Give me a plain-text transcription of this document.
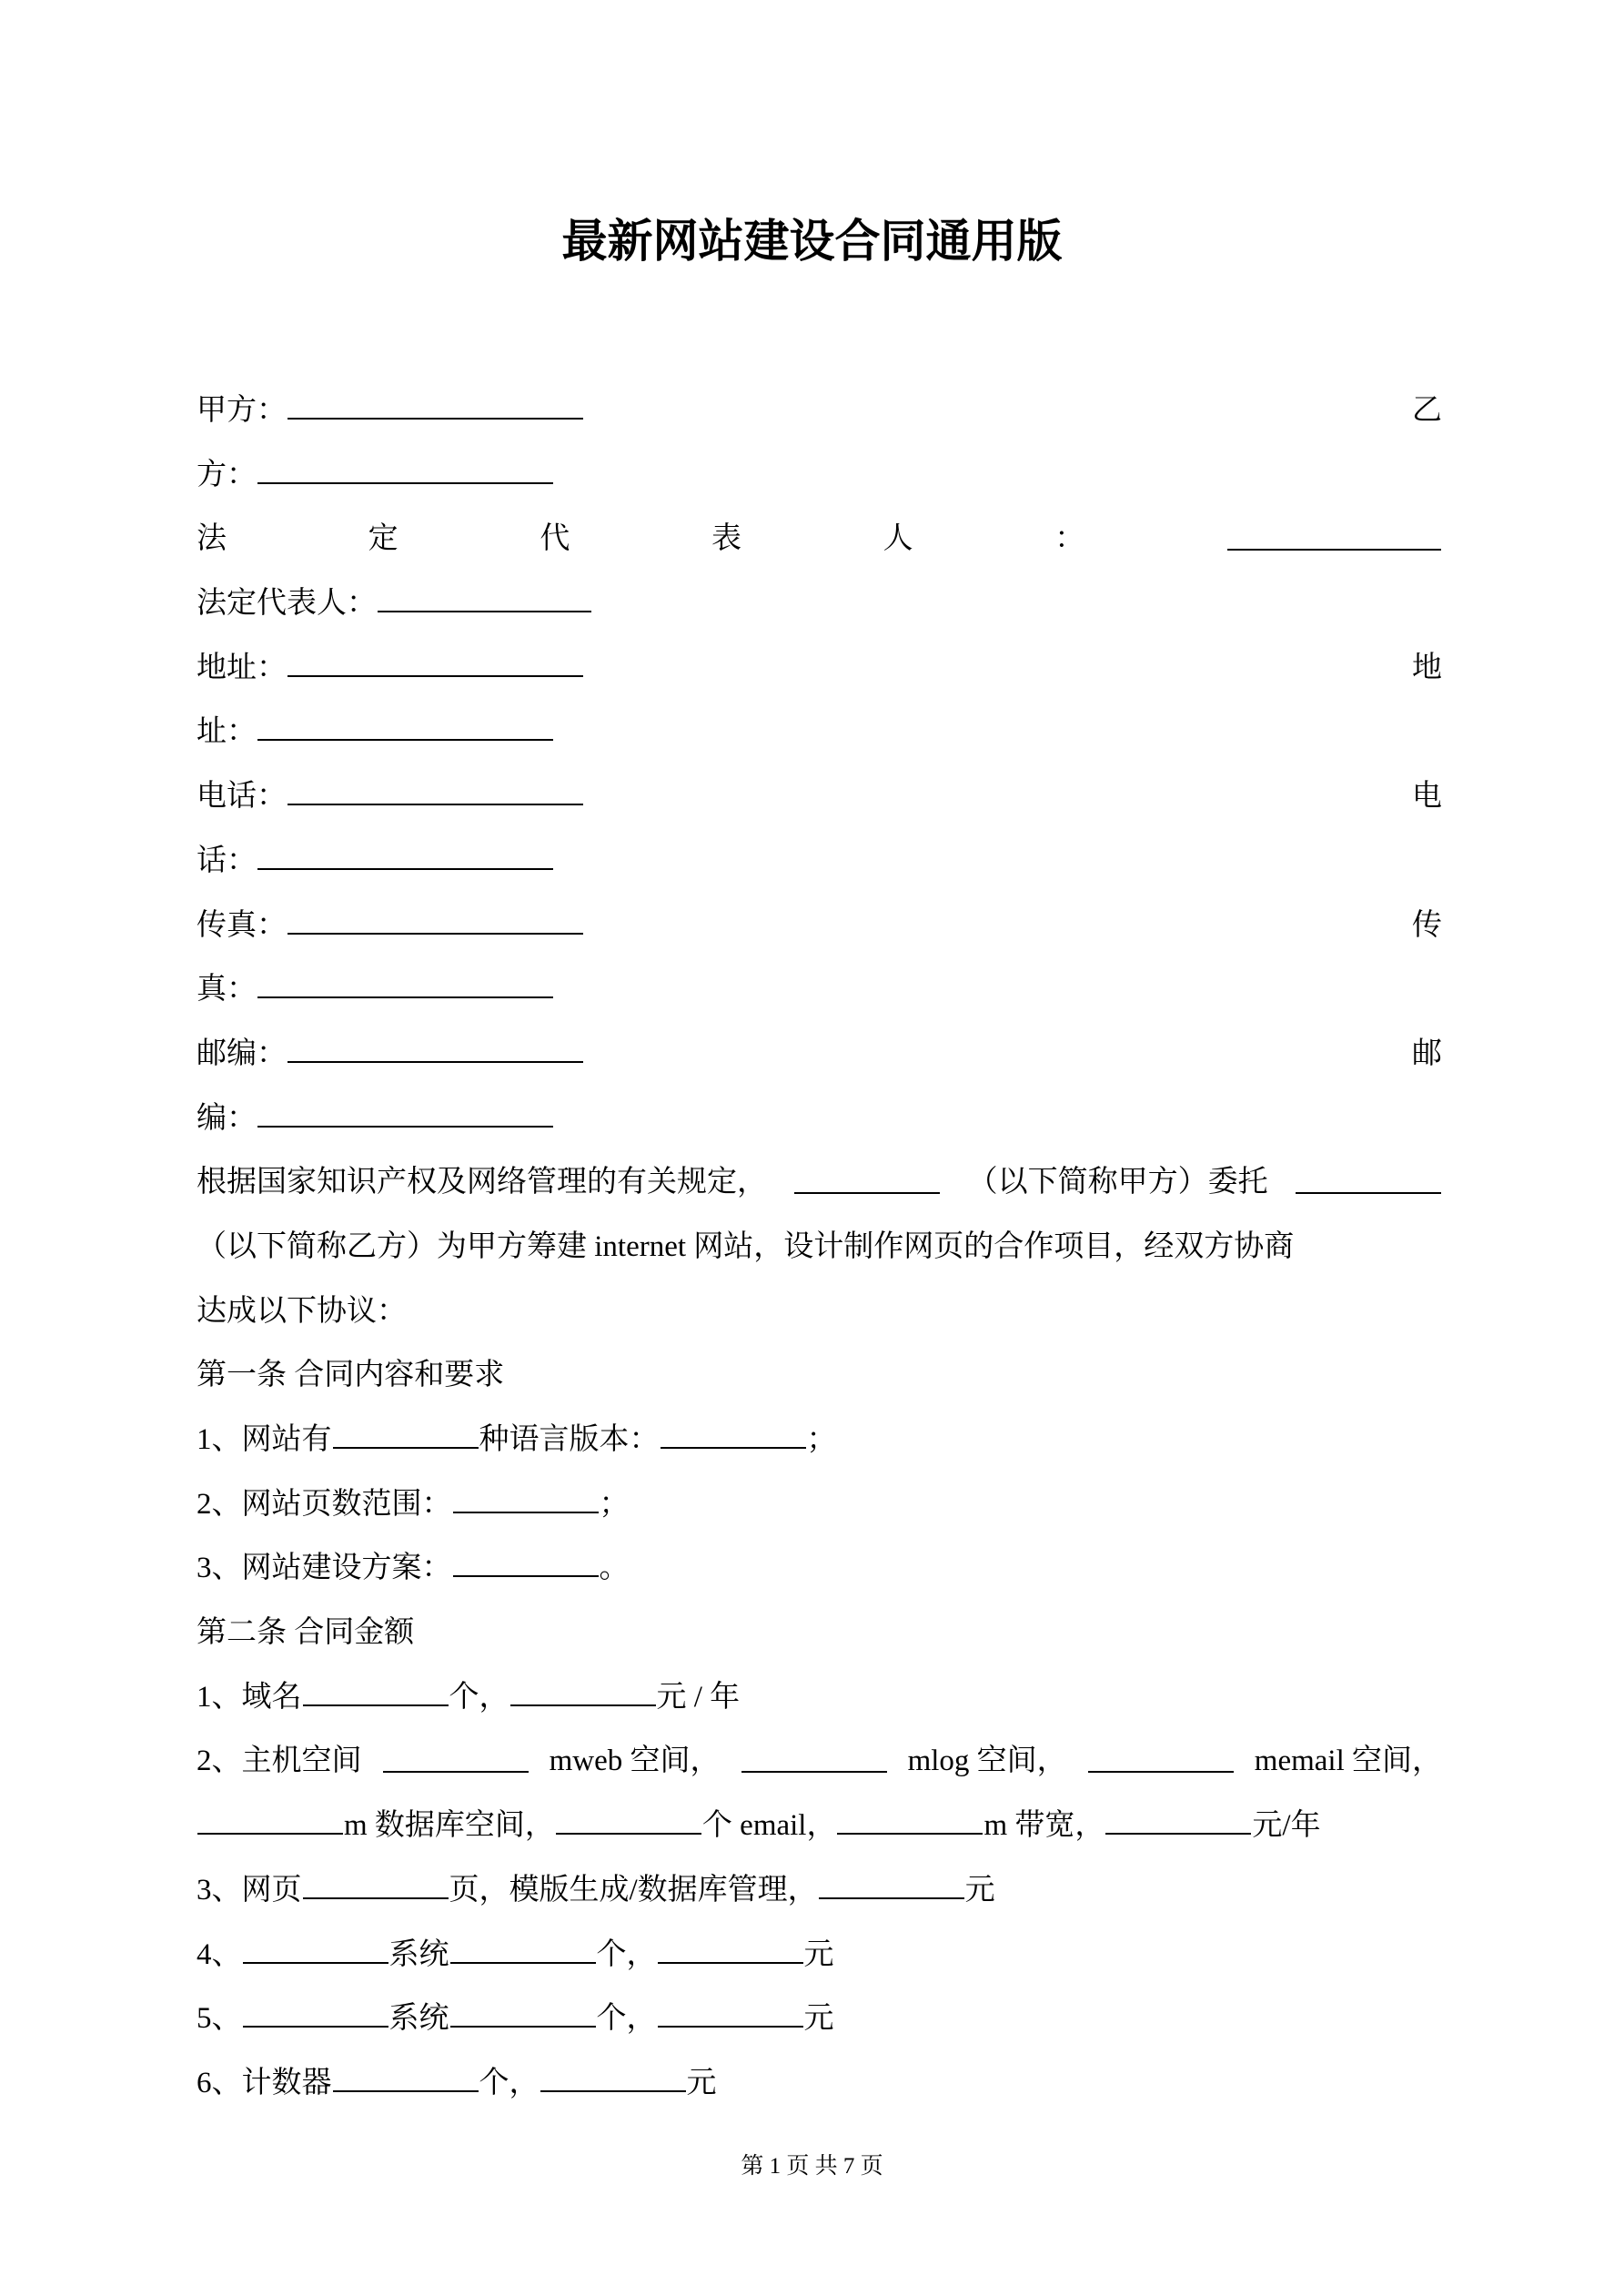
最新网站建设合同通用版
甲方：	乙
方：
法	定	代	表	人	：
法定代表人：
地址：	地
址：
电话：	电
话：
传真：	传
真：
邮编：	邮
编：
根据国家知识产权及网络管理的有关规定，	（以下简称甲方）委托
（以下简称乙方）为甲方筹建 internet 网站，设计制作网页的合作项目，经双方协商
达成以下协议：
第一条 合同内容和要求
1、网站有	种语言版本：	；
2、网站页数范围：	；
3、网站建设方案：	。
第二条 合同金额
1、域名	个，	元 / 年
2、主机空间	mweb 空间，	mlog 空间，	memail 空间，
m 数据库空间，	个 email，	m 带宽，	元/年
3、网页	页，模版生成/数据库管理，	元
4、	系统	个，	元
5、	系统	个，	元
6、计数器	个，	元
第 1 页 共 7 页
